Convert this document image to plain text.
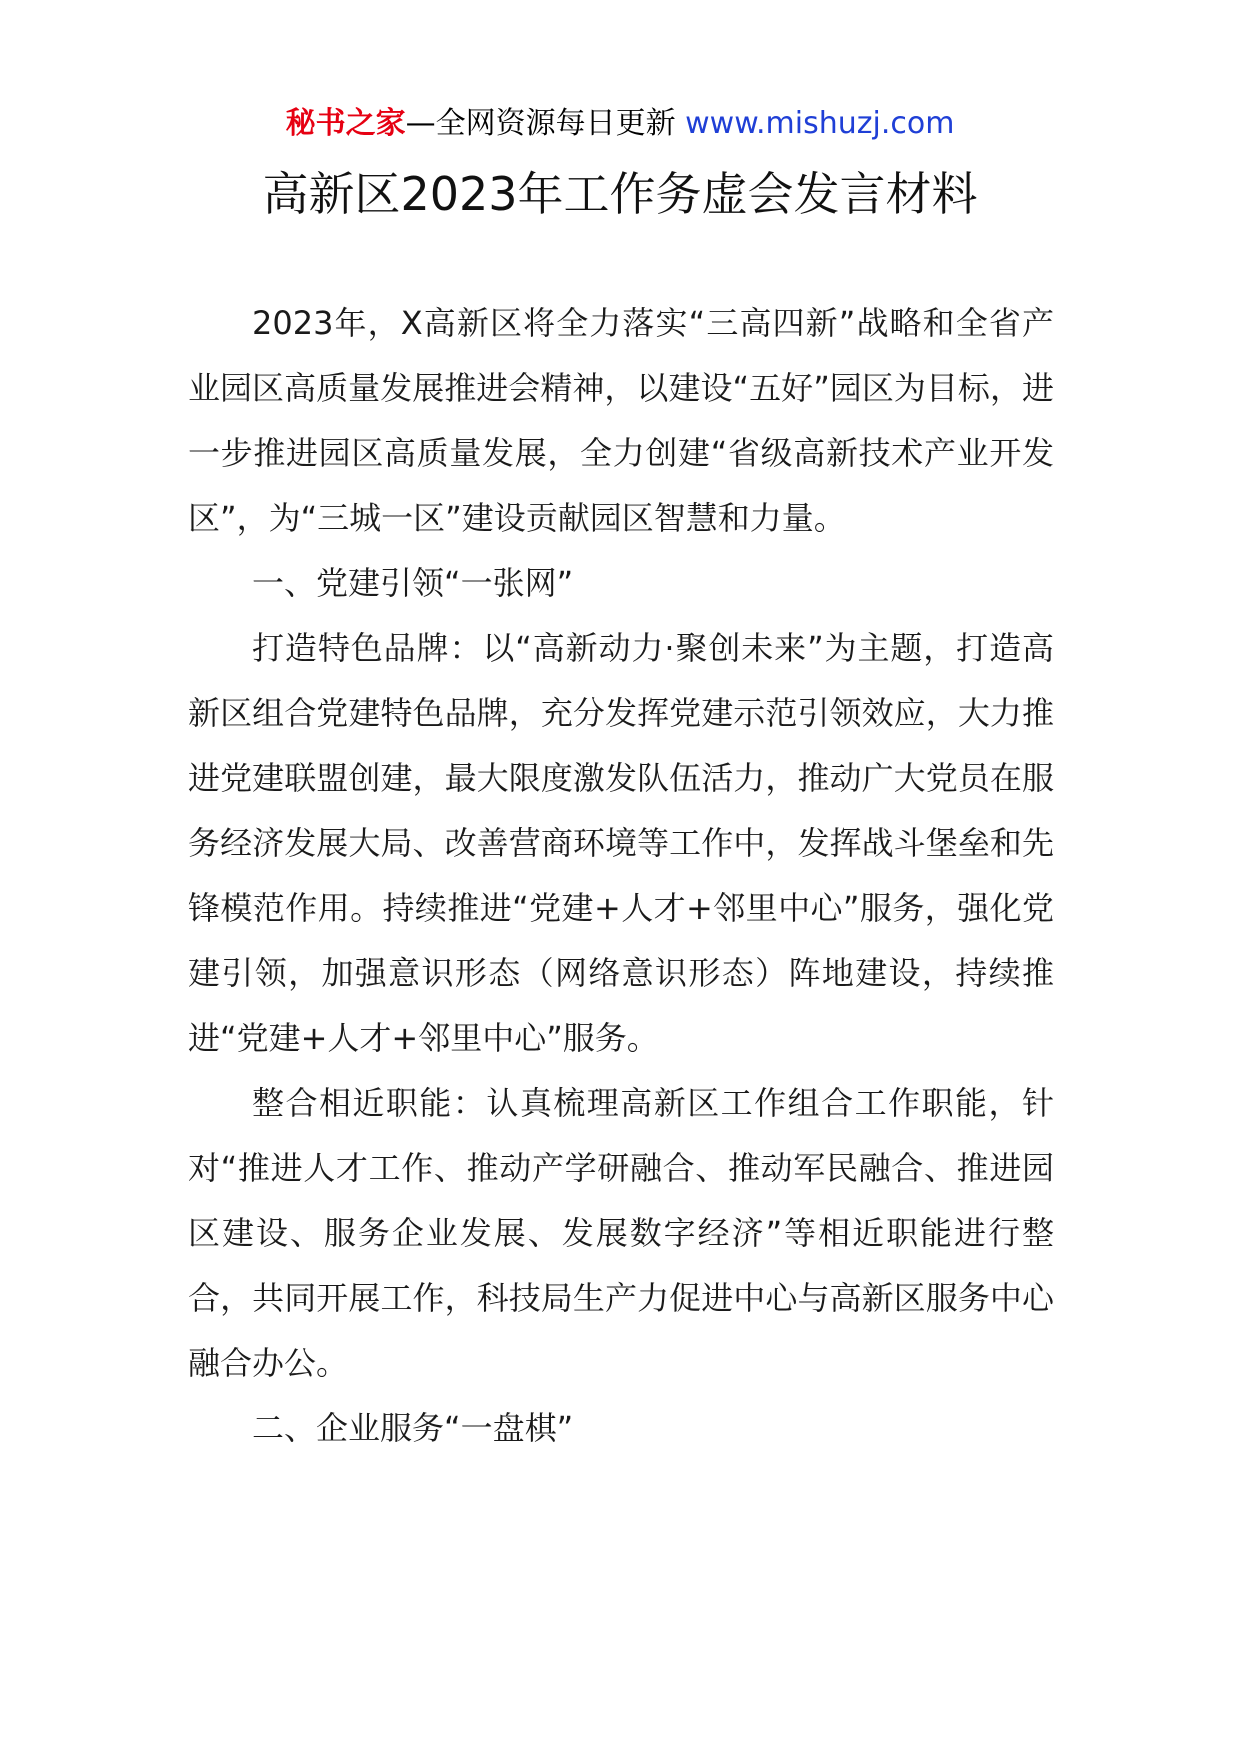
秘书之家—全网资源每日更新 www.mishuzj.com
高新区2023年工作务虚会发言材料

2023年，X高新区将全力落实“三高四新”战略和全省产业园区高质量发展推进会精神，以建设“五好”园区为目标，进一步推进园区高质量发展，全力创建“省级高新技术产业开发区”，为“三城一区”建设贡献园区智慧和力量。

一、党建引领“一张网”

打造特色品牌：以“高新动力·聚创未来”为主题，打造高新区组合党建特色品牌，充分发挥党建示范引领效应，大力推进党建联盟创建，最大限度激发队伍活力，推动广大党员在服务经济发展大局、改善营商环境等工作中，发挥战斗堡垒和先锋模范作用。持续推进“党建+人才+邻里中心”服务，强化党建引领，加强意识形态（网络意识形态）阵地建设，持续推进“党建+人才+邻里中心”服务。

整合相近职能：认真梳理高新区工作组合工作职能，针对“推进人才工作、推动产学研融合、推动军民融合、推进园区建设、服务企业发展、发展数字经济”等相近职能进行整合，共同开展工作，科技局生产力促进中心与高新区服务中心融合办公。

二、企业服务“一盘棋”
